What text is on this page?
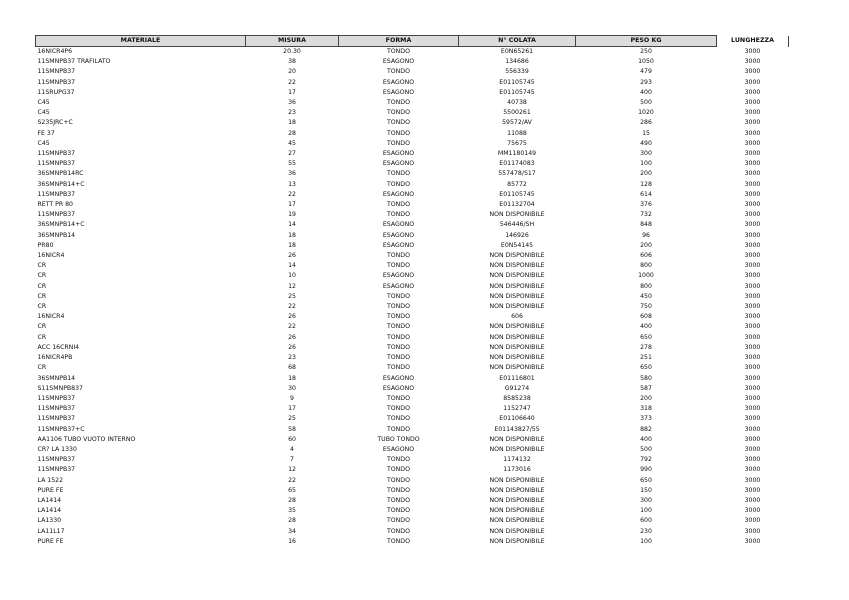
MATERIALE	MISURA	FORMA	N° COLATA	PESO KG	LUNGHEZZA
16NICR4P6	20.30	TONDO	E0N65261	250	3000
11SMNPB37 TRAFILATO	38	ESAGONO	134686	1050	3000
11SMNPB37	20	TONDO	556339	479	3000
11SMNPB37	22	ESAGONO	E01105745	293	3000
11SRUPG37	17	ESAGONO	E01105745	400	3000
C45	36	TONDO	40738	500	3000
C45	23	TONDO	5500261	1020	3000
S235JRC+C	18	TONDO	59572/AV	286	3000
FE 37	28	TONDO	11088	15	3000
C45	45	TONDO	75675	490	3000
11SMNPB37	27	ESAGONO	MM1180149	300	3000
11SMNPB37	55	ESAGONO	E01174083	100	3000
36SMNPB14RC	36	TONDO	557478/S17	200	3000
36SMNPB14+C	13	TONDO	85772	128	3000
11SMNPB37	22	ESAGONO	E01105745	614	3000
RETT PR 80	17	TONDO	E01132704	376	3000
11SMNPB37	19	TONDO	NON DISPONIBILE	732	3000
36SMNPB14+C	14	ESAGONO	546446/SH	848	3000
36SMNPB14	18	ESAGONO	146926	96	3000
PR80	18	ESAGONO	E0N54145	200	3000
16NICR4	26	TONDO	NON DISPONIBILE	606	3000
CR	14	TONDO	NON DISPONIBILE	800	3000
CR	10	ESAGONO	NON DISPONIBILE	1000	3000
CR	12	ESAGONO	NON DISPONIBILE	800	3000
CR	25	TONDO	NON DISPONIBILE	450	3000
CR	22	TONDO	NON DISPONIBILE	750	3000
16NICR4	26	TONDO	606	608	3000
CR	22	TONDO	NON DISPONIBILE	400	3000
CR	26	TONDO	NON DISPONIBILE	650	3000
ACC 16CRNI4	26	TONDO	NON DISPONIBILE	278	3000
16NICR4PB	23	TONDO	NON DISPONIBILE	251	3000
CR	68	TONDO	NON DISPONIBILE	650	3000
36SMNPB14	18	ESAGONO	E01116801	580	3000
S11SMNPB837	30	ESAGONO	G91274	587	3000
11SMNPB37	9	TONDO	8585238	200	3000
11SMNPB37	17	TONDO	1152747	318	3000
11SMNPB37	25	TONDO	E01106640	373	3000
11SMNPB37+C	58	TONDO	E01143827/55	882	3000
AA1106 TUBO VUOTO INTERNO	60	TUBO TONDO	NON DISPONIBILE	400	3000
CR? LA 1330	4	ESAGONO	NON DISPONIBILE	500	3000
11SMNPB37	7	TONDO	1174132	792	3000
11SMNPB37	12	TONDO	1173016	990	3000
LA 1522	22	TONDO	NON DISPONIBILE	650	3000
PURE FE	65	TONDO	NON DISPONIBILE	150	3000
LA1414	28	TONDO	NON DISPONIBILE	300	3000
LA1414	35	TONDO	NON DISPONIBILE	100	3000
LA1330	28	TONDO	NON DISPONIBILE	600	3000
LA11L17	34	TONDO	NON DISPONIBILE	230	3000
PURE FE	16	TONDO	NON DISPONIBILE	100	3000
